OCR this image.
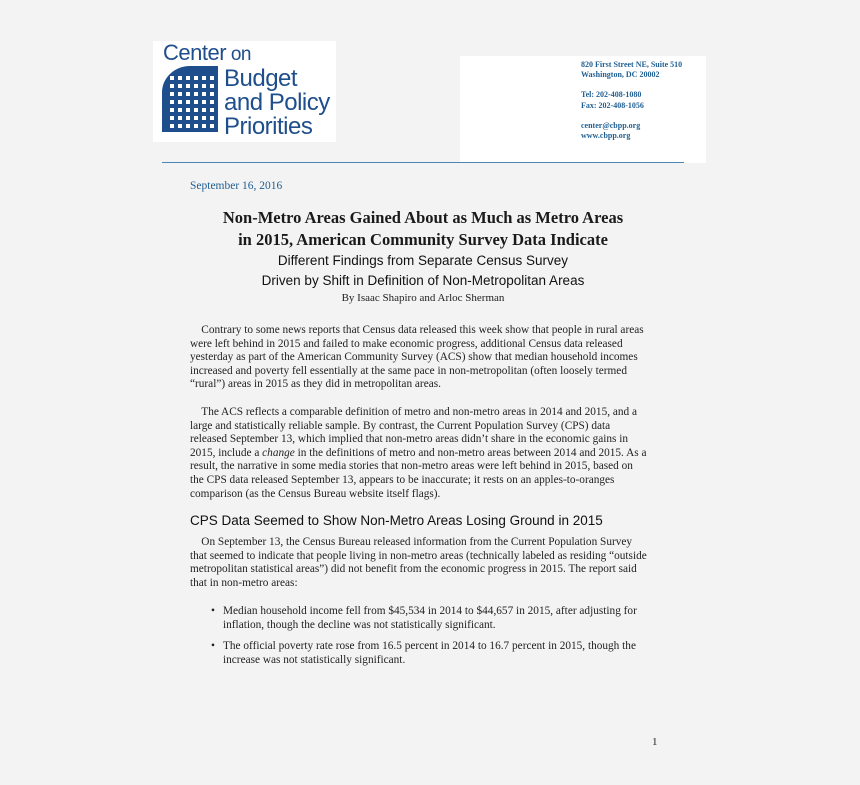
Center on
Budget
and Policy
Priorities
820 First Street NE, Suite 510
Washington, DC 20002
Tel: 202-408-1080
Fax: 202-408-1056
center@cbpp.org
www.cbpp.org
September 16, 2016
Non-Metro Areas Gained About as Much as Metro Areas
in 2015, American Community Survey Data Indicate
Different Findings from Separate Census Survey
Driven by Shift in Definition of Non-Metropolitan Areas
By Isaac Shapiro and Arloc Sherman
Contrary to some news reports that Census data released this week show that people in rural areas
were left behind in 2015 and failed to make economic progress, additional Census data released
yesterday as part of the American Community Survey (ACS) show that median household incomes
increased and poverty fell essentially at the same pace in non-metropolitan (often loosely termed
“rural”) areas in 2015 as they did in metropolitan areas.
The ACS reflects a comparable definition of metro and non-metro areas in 2014 and 2015, and a
large and statistically reliable sample. By contrast, the Current Population Survey (CPS) data
released September 13, which implied that non-metro areas didn’t share in the economic gains in
2015, include a change in the definitions of metro and non-metro areas between 2014 and 2015. As a
result, the narrative in some media stories that non-metro areas were left behind in 2015, based on
the CPS data released September 13, appears to be inaccurate; it rests on an apples-to-oranges
comparison (as the Census Bureau website itself flags).
CPS Data Seemed to Show Non-Metro Areas Losing Ground in 2015
On September 13, the Census Bureau released information from the Current Population Survey
that seemed to indicate that people living in non-metro areas (technically labeled as residing “outside
metropolitan statistical areas”) did not benefit from the economic progress in 2015. The report said
that in non-metro areas:
• Median household income fell from $45,534 in 2014 to $44,657 in 2015, after adjusting for
inflation, though the decline was not statistically significant.
• The official poverty rate rose from 16.5 percent in 2014 to 16.7 percent in 2015, though the
increase was not statistically significant.
1
